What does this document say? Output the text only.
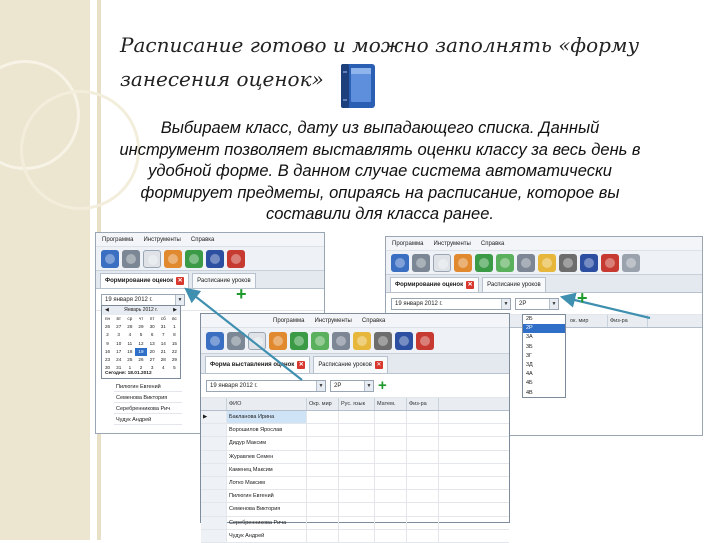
Расписание готово и можно заполнять «форму занесения оценок»
Выбираем класс, дату из выпадающего списка. Данный инструмент позволяет выставлять оценки классу за весь день в удобной форме. В данном случае система автоматически формирует предметы, опираясь на расписание, которое вы составили для класса ранее.
Программа Инструменты Справка
Формирование оценок ✕ Расписание уроков
19 января 2012 г.	▼
◀	Январь 2012 г.	▶
пн	вт	ср	чт	пт	сб	вс
26	27	28	29	30	31	1
2	3	4	5	6	7	8
9	10	11	12	13	14	15
16	17	18	19	20	21	22
23	24	25	26	27	28	29
30	31	1	2	3	4	5
Сегодня: 18.01.2012
Пилюгин Евгений
Семенова Виктория
Серебренникова Рич
Чудук Андрей
Программа Инструменты Справка
Формирование оценок ✕ Расписание уроков
19 января 2012 г.	▼	2Р	▼
ок. мир	Физ-ра
2Б
2Р
3А
3Б
3Г
3Д
4А
4Б
4В
Программа Инструменты Справка
Форма выставления оценок ✕ Расписание уроков ✕
19 января 2012 г.	▼	2Р	▼ +
ФИО	Окр. мир	Рус. язык	Матем.	Физ-ра
▶	Бакланова Ирина
Ворошилов Ярослав
Дидур Максим
Журавлев Семен
Каменец Максим
Лотко Максим
Пилюгин Евгений
Семенова Виктория
Серебренникова Рича
Чудук Андрей
+	+
